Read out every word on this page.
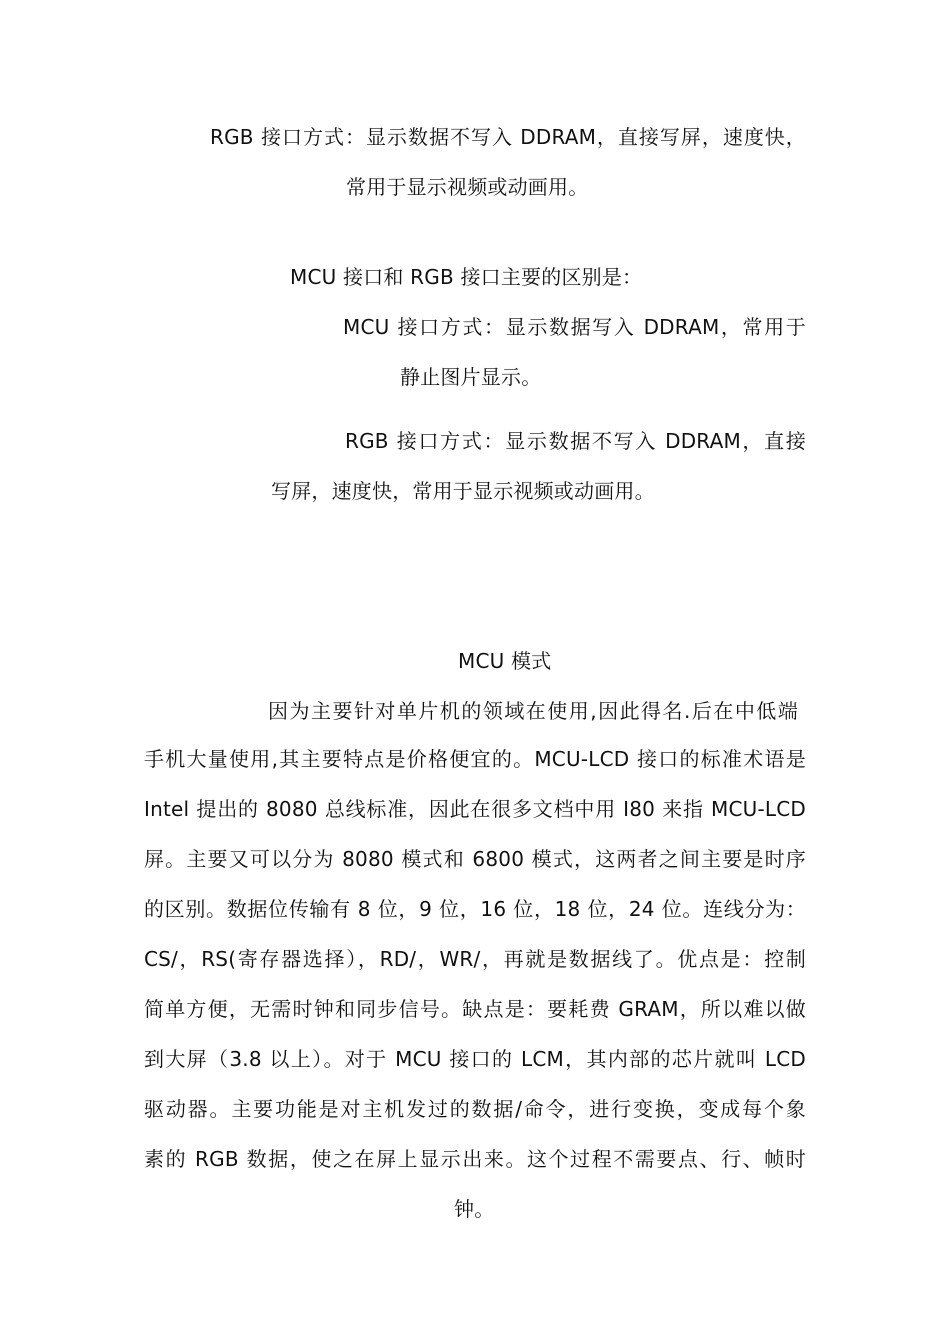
RGB 接口方式：显示数据不写入 DDRAM，直接写屏，速度快，
常用于显示视频或动画用。
MCU 接口和 RGB 接口主要的区别是：
MCU 接口方式：显示数据写入 DDRAM，常用于
静止图片显示。
RGB 接口方式：显示数据不写入 DDRAM，直接
写屏，速度快，常用于显示视频或动画用。
MCU 模式
因为主要针对单片机的领域在使用,因此得名.后在中低端
手机大量使用,其主要特点是价格便宜的。MCU-LCD 接口的标准术语是
Intel 提出的 8080 总线标准，因此在很多文档中用 I80 来指 MCU-LCD
屏。主要又可以分为 8080 模式和 6800 模式，这两者之间主要是时序
的区别。数据位传输有 8 位，9 位，16 位，18 位，24 位。连线分为：
CS/，RS(寄存器选择），RD/，WR/，再就是数据线了。优点是：控制
简单方便，无需时钟和同步信号。缺点是：要耗费 GRAM，所以难以做
到大屏（3.8 以上）。对于 MCU 接口的 LCM，其内部的芯片就叫 LCD
驱动器。主要功能是对主机发过的数据/命令，进行变换，变成每个象
素的 RGB 数据，使之在屏上显示出来。这个过程不需要点、行、帧时
钟。
